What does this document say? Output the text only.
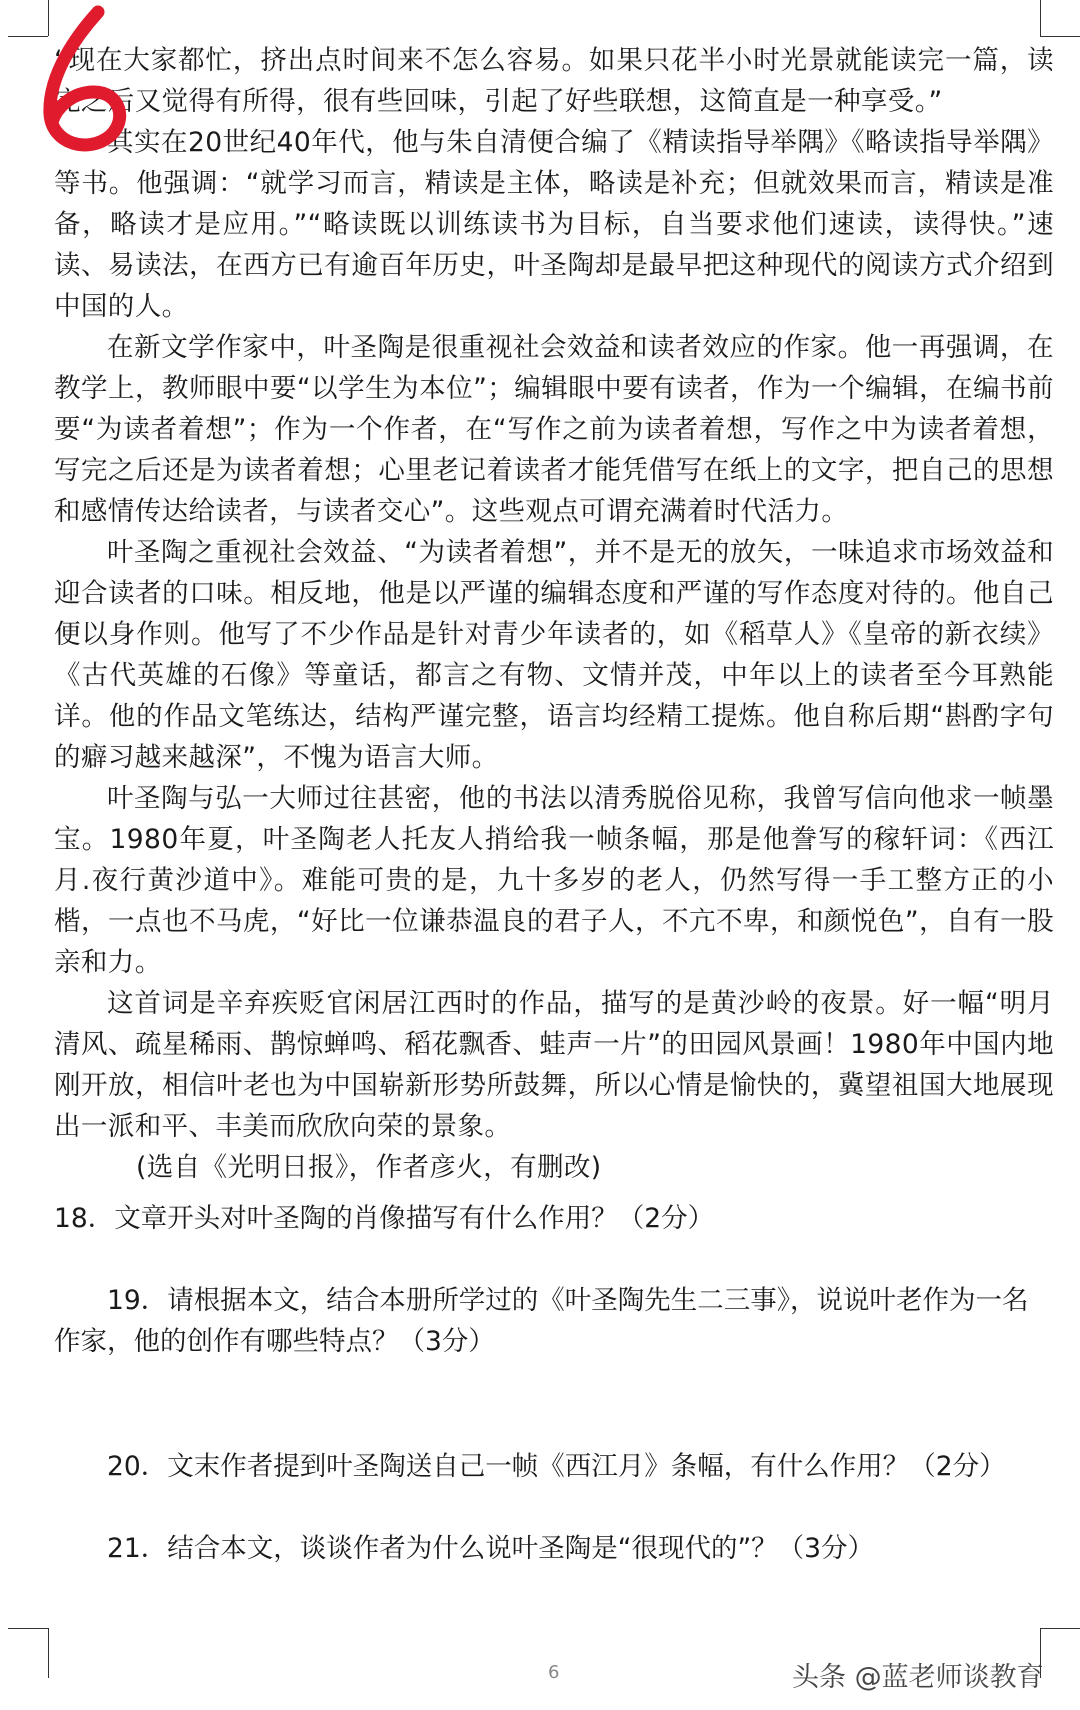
“现在大家都忙，挤出点时间来不怎么容易。如果只花半小时光景就能读完一篇，读完之后又觉得有所得，很有些回味，引起了好些联想，这简直是一种享受。”

其实在20世纪40年代，他与朱自清便合编了《精读指导举隅》《略读指导举隅》等书。他强调：“就学习而言，精读是主体，略读是补充；但就效果而言，精读是准备，略读才是应用。”“略读既以训练读书为目标，自当要求他们速读，读得快。”速读、易读法，在西方已有逾百年历史，叶圣陶却是最早把这种现代的阅读方式介绍到中国的人。

在新文学作家中，叶圣陶是很重视社会效益和读者效应的作家。他一再强调，在教学上，教师眼中要“以学生为本位”；编辑眼中要有读者，作为一个编辑，在编书前要“为读者着想”；作为一个作者，在“写作之前为读者着想，写作之中为读者着想，写完之后还是为读者着想；心里老记着读者才能凭借写在纸上的文字，把自己的思想和感情传达给读者，与读者交心”。这些观点可谓充满着时代活力。

叶圣陶之重视社会效益、“为读者着想”，并不是无的放矢，一味追求市场效益和迎合读者的口味。相反地，他是以严谨的编辑态度和严谨的写作态度对待的。他自己便以身作则。他写了不少作品是针对青少年读者的，如《稻草人》《皇帝的新衣续》《古代英雄的石像》等童话，都言之有物、文情并茂，中年以上的读者至今耳熟能详。他的作品文笔练达，结构严谨完整，语言均经精工提炼。他自称后期“斟酌字句的癖习越来越深”，不愧为语言大师。

叶圣陶与弘一大师过往甚密，他的书法以清秀脱俗见称，我曾写信向他求一帧墨宝。1980年夏，叶圣陶老人托友人捎给我一帧条幅，那是他誊写的稼轩词：《西江月.夜行黄沙道中》。难能可贵的是，九十多岁的老人，仍然写得一手工整方正的小楷，一点也不马虎，“好比一位谦恭温良的君子人，不亢不卑，和颜悦色”，自有一股亲和力。

这首词是辛弃疾贬官闲居江西时的作品，描写的是黄沙岭的夜景。好一幅“明月清风、疏星稀雨、鹊惊蝉鸣、稻花飘香、蛙声一片”的田园风景画！1980年中国内地刚开放，相信叶老也为中国崭新形势所鼓舞，所以心情是愉快的，冀望祖国大地展现出一派和平、丰美而欣欣向荣的景象。

(选自《光明日报》，作者彦火，有删改)

18．文章开头对叶圣陶的肖像描写有什么作用？（2分）
19．请根据本文，结合本册所学过的《叶圣陶先生二三事》，说说叶老作为一名作家，他的创作有哪些特点？（3分）
20．文末作者提到叶圣陶送自己一帧《西江月》条幅，有什么作用？（2分）
21．结合本文，谈谈作者为什么说叶圣陶是“很现代的”？（3分）
6	头条 @蓝老师谈教育
